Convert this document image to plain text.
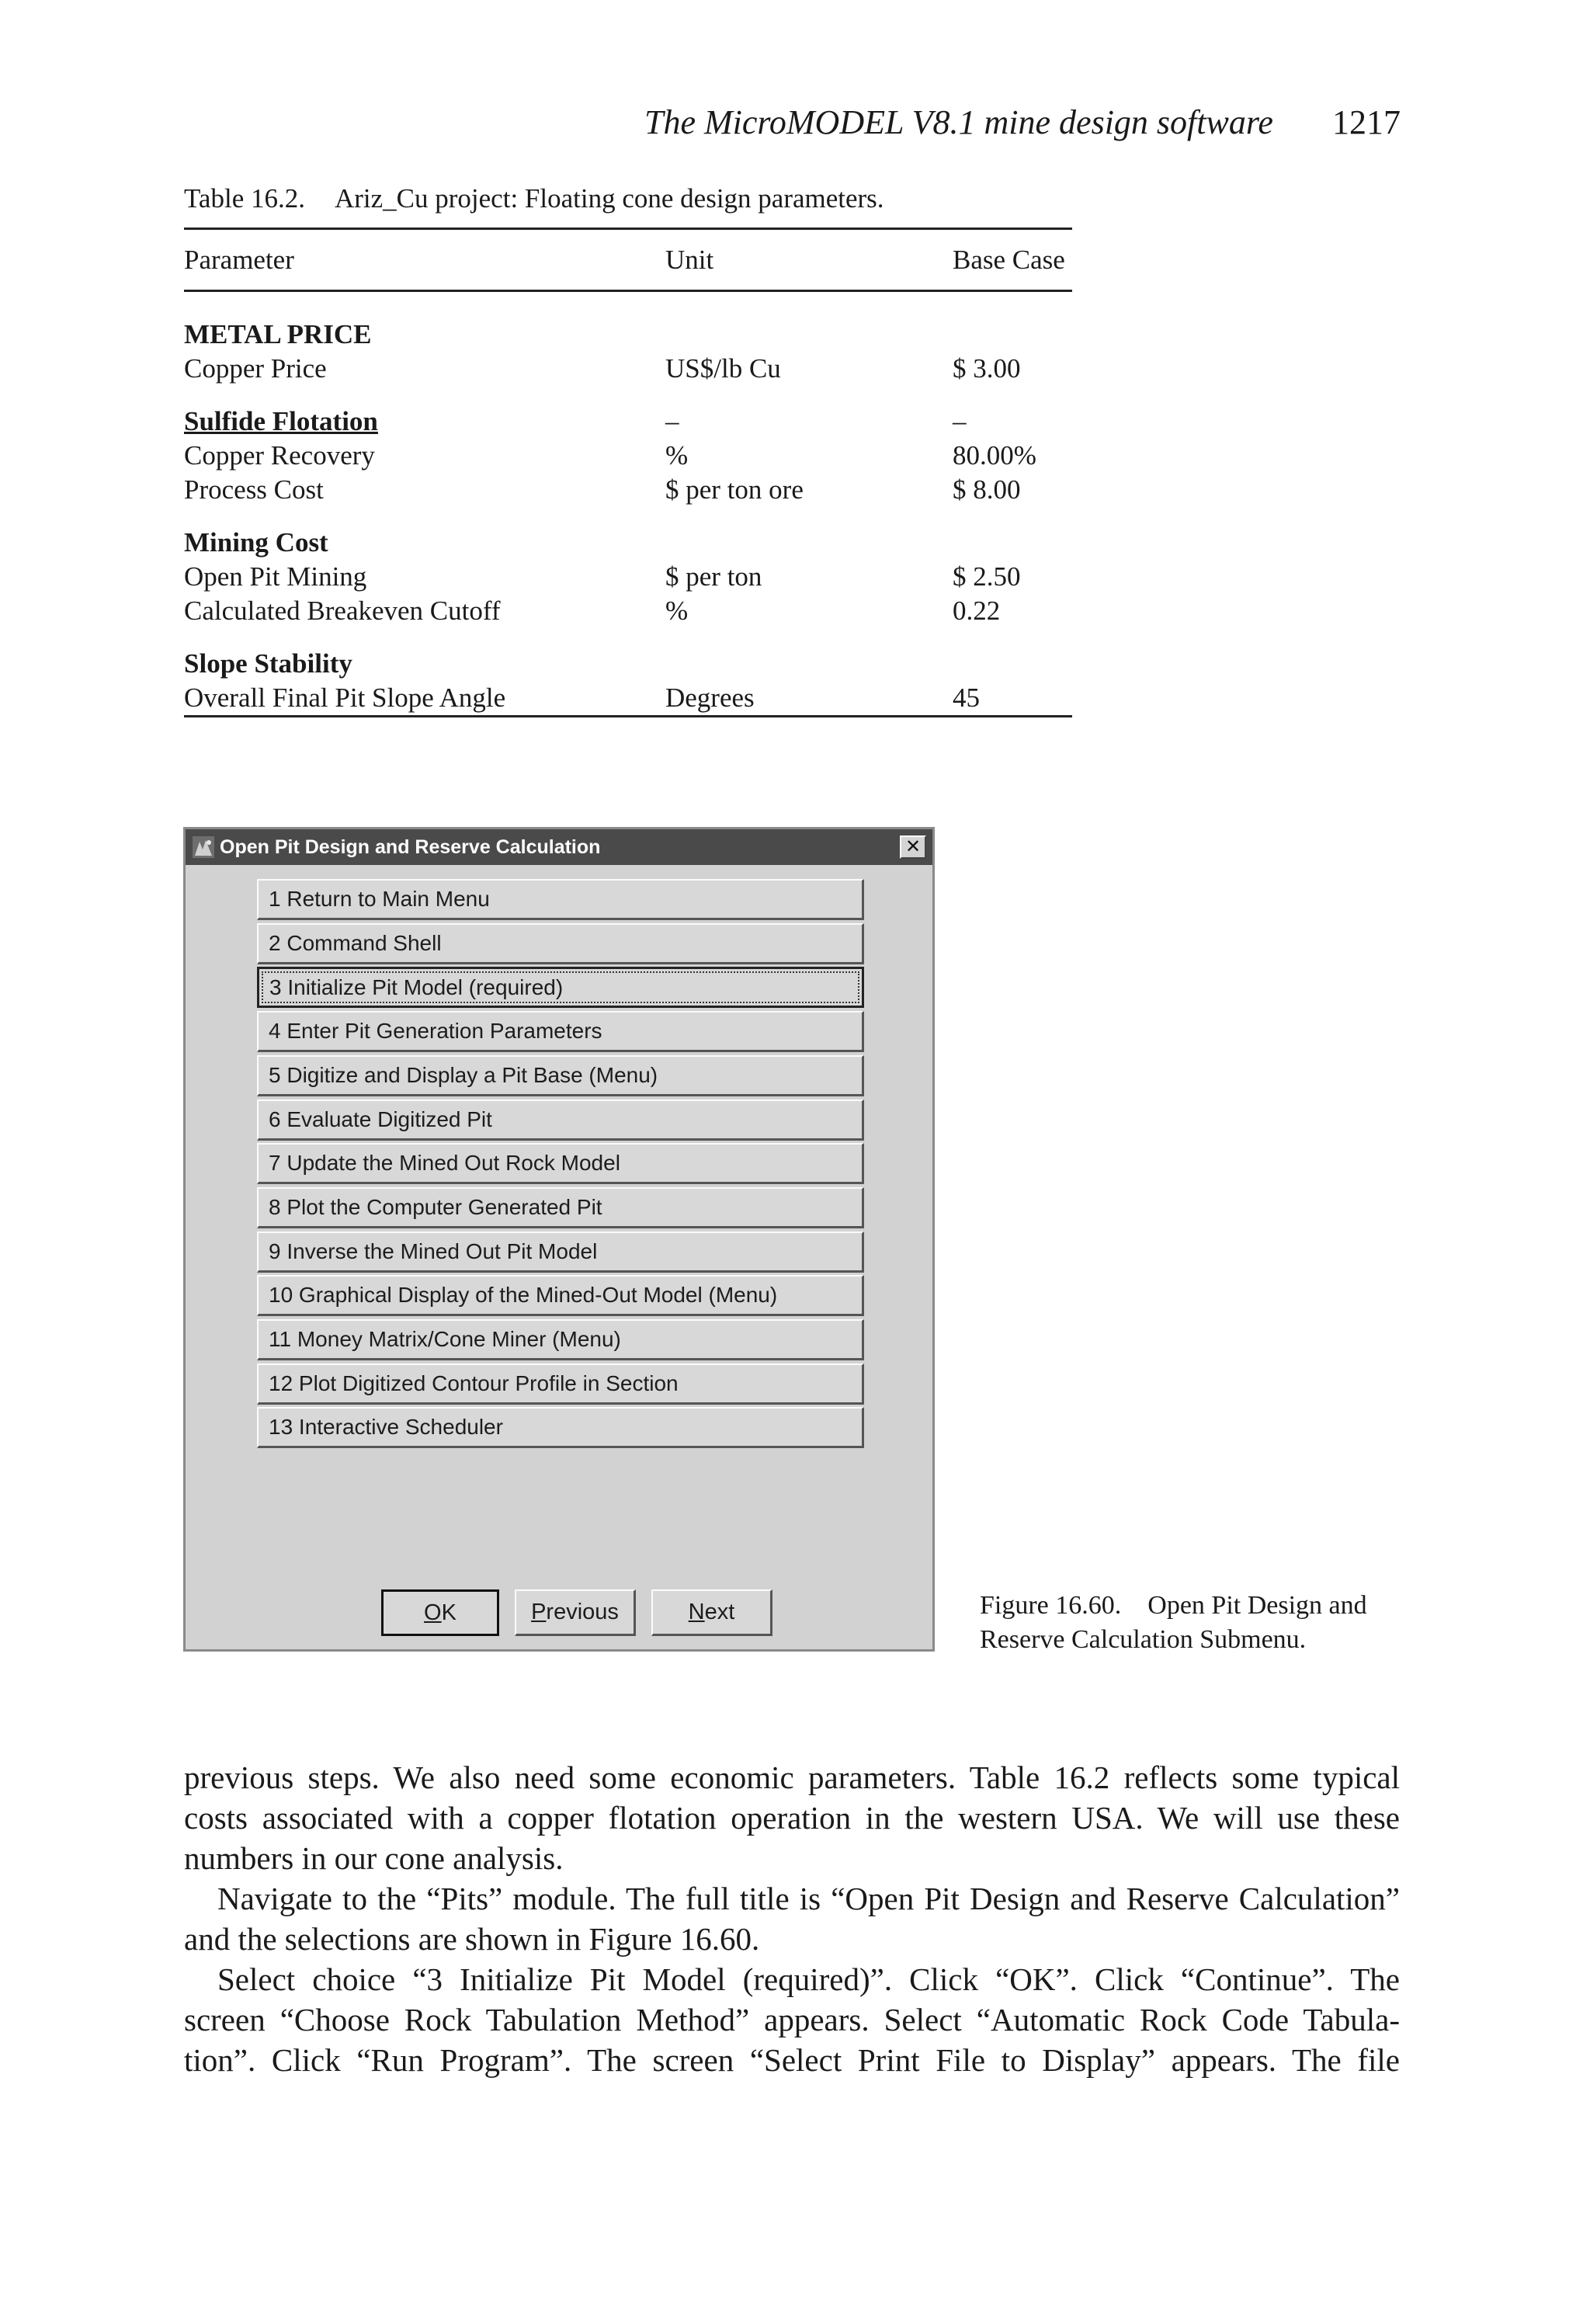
The MicroMODEL V8.1 mine design software	1217
Table 16.2. Ariz_Cu project: Floating cone design parameters.
Parameter	Unit	Base Case
METAL PRICE
Copper Price	US$/lb Cu	$ 3.00
Sulfide Flotation	–	–
Copper Recovery	%	80.00%
Process Cost	$ per ton ore	$ 8.00
Mining Cost
Open Pit Mining	$ per ton	$ 2.50
Calculated Breakeven Cutoff	%	0.22
Slope Stability
Overall Final Pit Slope Angle	Degrees	45
Open Pit Design and Reserve Calculation	✕
1 Return to Main Menu
2 Command Shell
3 Initialize Pit Model (required)
4 Enter Pit Generation Parameters
5 Digitize and Display a Pit Base (Menu)
6 Evaluate Digitized Pit
7 Update the Mined Out Rock Model
8 Plot the Computer Generated Pit
9 Inverse the Mined Out Pit Model
10 Graphical Display of the Mined-Out Model (Menu)
11 Money Matrix/Cone Miner (Menu)
12 Plot Digitized Contour Profile in Section
13 Interactive Scheduler
OK	Previous	Next	Figure 16.60. Open Pit Design and
Reserve Calculation Submenu.
previous steps. We also need some economic parameters. Table 16.2 reflects some typical
costs associated with a copper flotation operation in the western USA. We will use these
numbers in our cone analysis.
Navigate to the “Pits” module. The full title is “Open Pit Design and Reserve Calculation”
and the selections are shown in Figure 16.60.
Select choice “3 Initialize Pit Model (required)”. Click “OK”. Click “Continue”. The
screen “Choose Rock Tabulation Method” appears. Select “Automatic Rock Code Tabula-
tion”. Click “Run Program”. The screen “Select Print File to Display” appears. The file
